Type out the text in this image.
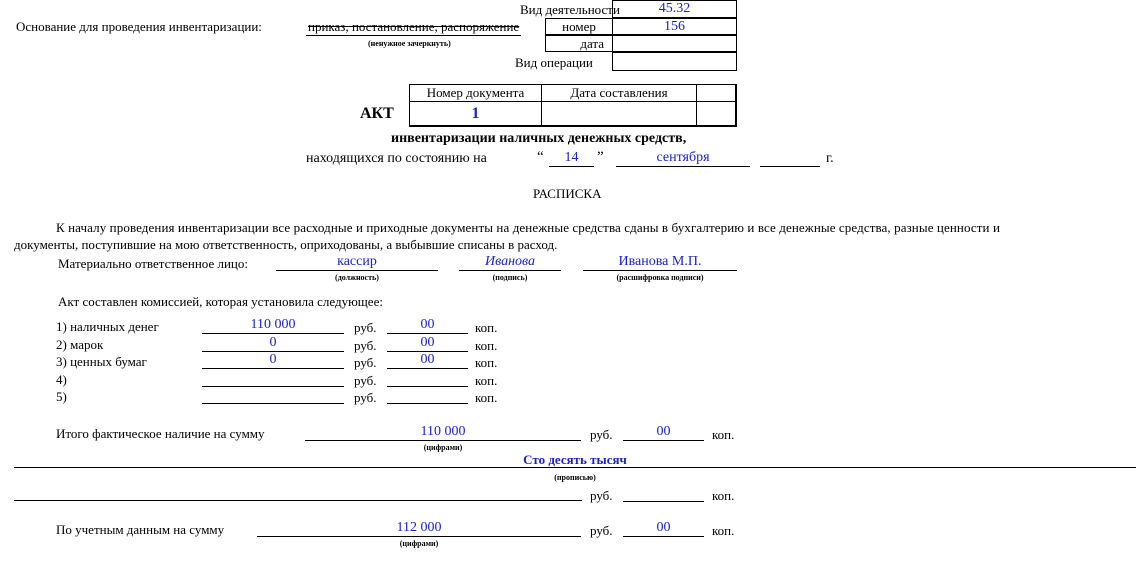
Вид деятельности	45.32
Основание для проведения инвентаризации:	приказ, постановление, распоряжение
(ненужное зачеркнуть)
номер	156
дата
Вид операции
АКТ
Номер документа	Дата составления
1
инвентаризации наличных денежных средств,
находящихся по состоянию на	“	14	”	сентября	г.
РАСПИСКА
К началу проведения инвентаризации все расходные и приходные документы на денежные средства сданы в бухгалтерию и все денежные средства, разные ценности и
документы, поступившие на мою ответственность, оприходованы, а выбывшие списаны в расход.
Материально ответственное лицо:	кассир
(должность)
Иванова
(подпись)
Иванова М.П.
(расшифровка подписи)
Акт составлен комиссией, которая установила следующее:
1) наличных денег	110 000	руб.	00	коп.
2) марок	0	руб.	00	коп.
3) ценных бумаг	0	руб.	00	коп.
4)	руб.	коп.
5)	руб.	коп.
Итого фактическое наличие на сумму	110 000
(цифрами)
руб.	00	коп.
Сто десять тысяч
(прописью)
руб.	коп.
По учетным данным на сумму	112 000
(цифрами)
руб.	00	коп.
